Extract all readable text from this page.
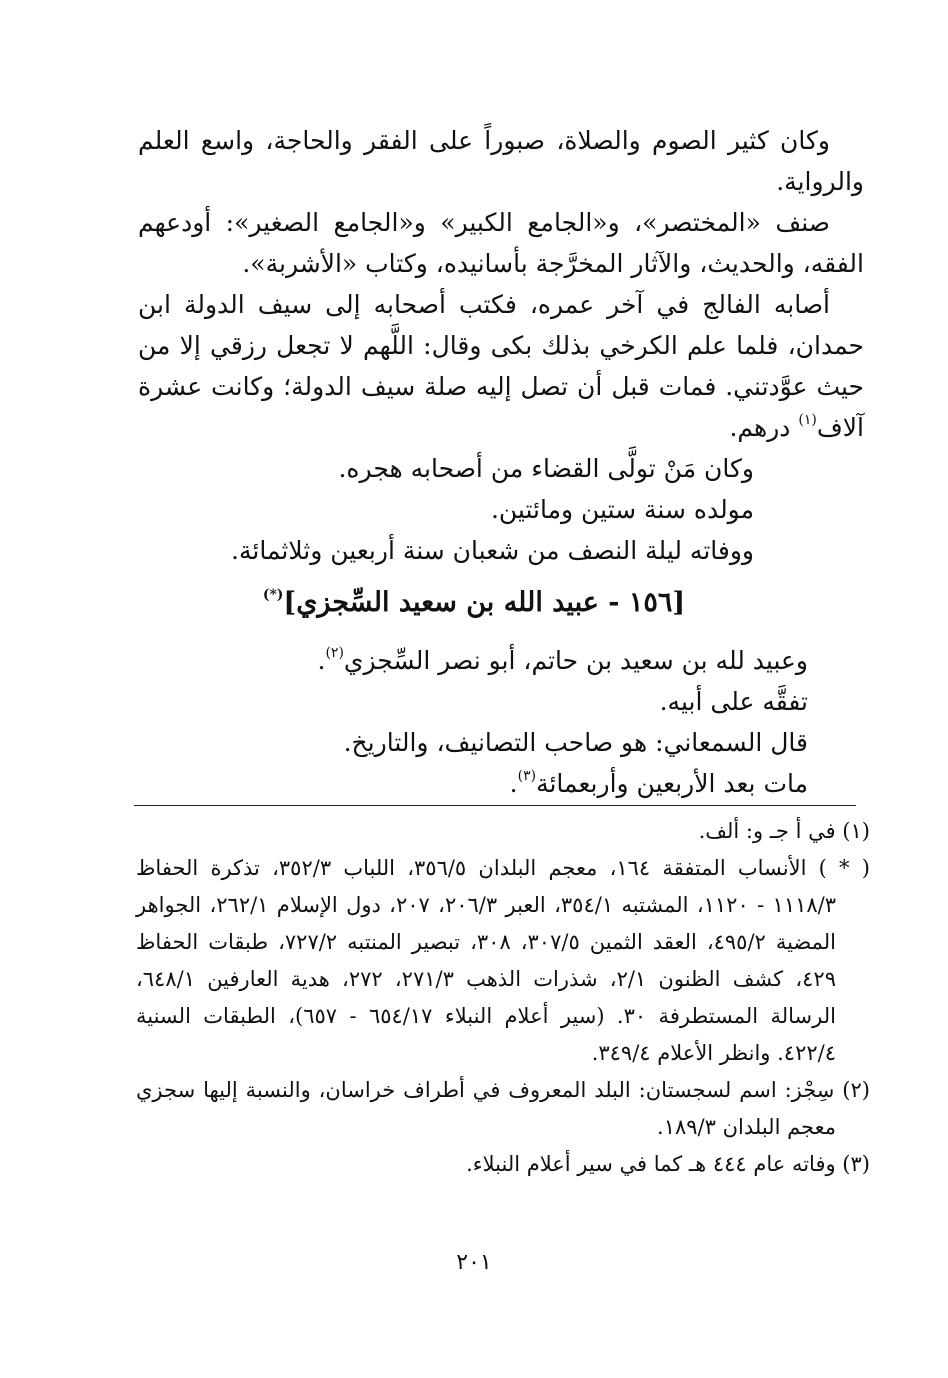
وكان كثير الصوم والصلاة، صبوراً على الفقر والحاجة، واسع العلم والرواية.

صنف «المختصر»، و«الجامع الكبير» و«الجامع الصغير»: أودعهم الفقه، والحديث، والآثار المخرَّجة بأسانيده، وكتاب «الأشربة».

أصابه الفالج في آخر عمره، فكتب أصحابه إلى سيف الدولة ابن حمدان، فلما علم الكرخي بذلك بكى وقال: اللَّهم لا تجعل رزقي إلا من حيث عوَّدتني. فمات قبل أن تصل إليه صلة سيف الدولة؛ وكانت عشرة آلاف$^{(١)}$ درهم.

وكان مَنْ تولَّى القضاء من أصحابه هجره.

مولده سنة ستين ومائتين.

ووفاته ليلة النصف من شعبان سنة أربعين وثلاثمائة.

[١٥٦ - عبيد الله بن سعيد السِّجزي](*)

وعبيد لله بن سعيد بن حاتم، أبو نصر السِّجزي$^{(٢)}$.

تفقَّه على أبيه.

قال السمعاني: هو صاحب التصانيف، والتاريخ.

مات بعد الأربعين وأربعمائة$^{(٣)}$.

(١) في أ جـ و: ألف.

( * ) الأنساب المتفقة ١٦٤، معجم البلدان ٣٥٦/٥، اللباب ٣٥٢/٣، تذكرة الحفاظ ١١١٨/٣ - ١١٢٠، المشتبه ٣٥٤/١، العبر ٢٠٦/٣، ٢٠٧، دول الإسلام ٢٦٢/١، الجواهر المضية ٤٩٥/٢، العقد الثمين ٣٠٧/٥، ٣٠٨، تبصير المنتبه ٧٢٧/٢، طبقات الحفاظ ٤٢٩، كشف الظنون ٢/١، شذرات الذهب ٢٧١/٣، ٢٧٢، هدية العارفين ٦٤٨/١، الرسالة المستطرفة ٣٠. (سير أعلام النبلاء ٦٥٤/١٧ - ٦٥٧)، الطبقات السنية ٤٢٢/٤. وانظر الأعلام ٣٤٩/٤.

(٢) سِجْز: اسم لسجستان: البلد المعروف في أطراف خراسان، والنسبة إليها سجزي معجم البلدان ١٨٩/٣.

(٣) وفاته عام ٤٤٤ هـ كما في سير أعلام النبلاء.

٢٠١
